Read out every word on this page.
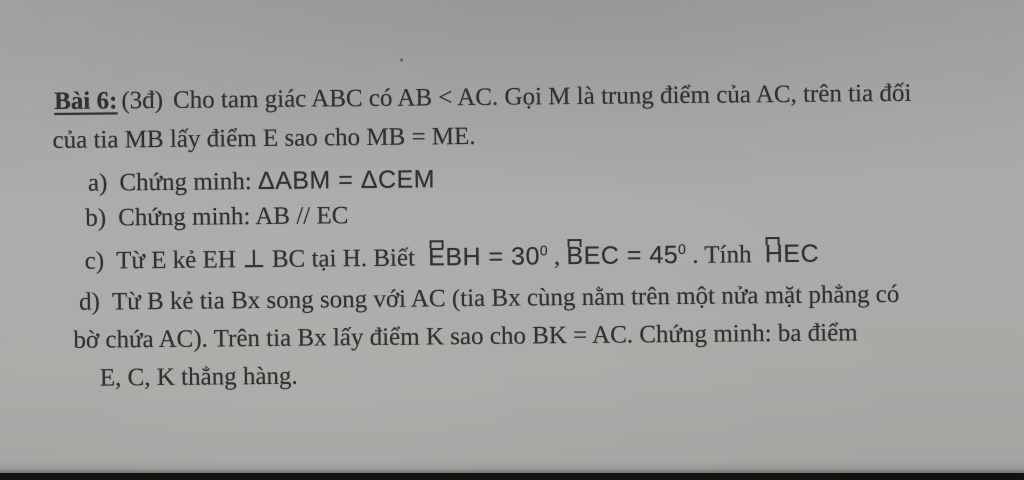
Bài 6: (3đ) Cho tam giác ABC có AB < AC. Gọi M là trung điểm của AC, trên tia đối
của tia MB lấy điểm E sao cho MB = ME.
a) Chứng minh: ΔABM = ΔCEM
b) Chứng minh: AB // EC
c) Từ E kẻ EH ⊥ BC tại H. Biết EBH = $30^0$ , BEC = $45^0$ . Tính HEC
d) Từ B kẻ tia Bx song song với AC (tia Bx cùng nằm trên một nửa mặt phẳng có
bờ chứa AC). Trên tia Bx lấy điểm K sao cho BK = AC. Chứng minh: ba điểm
E, C, K thẳng hàng.
